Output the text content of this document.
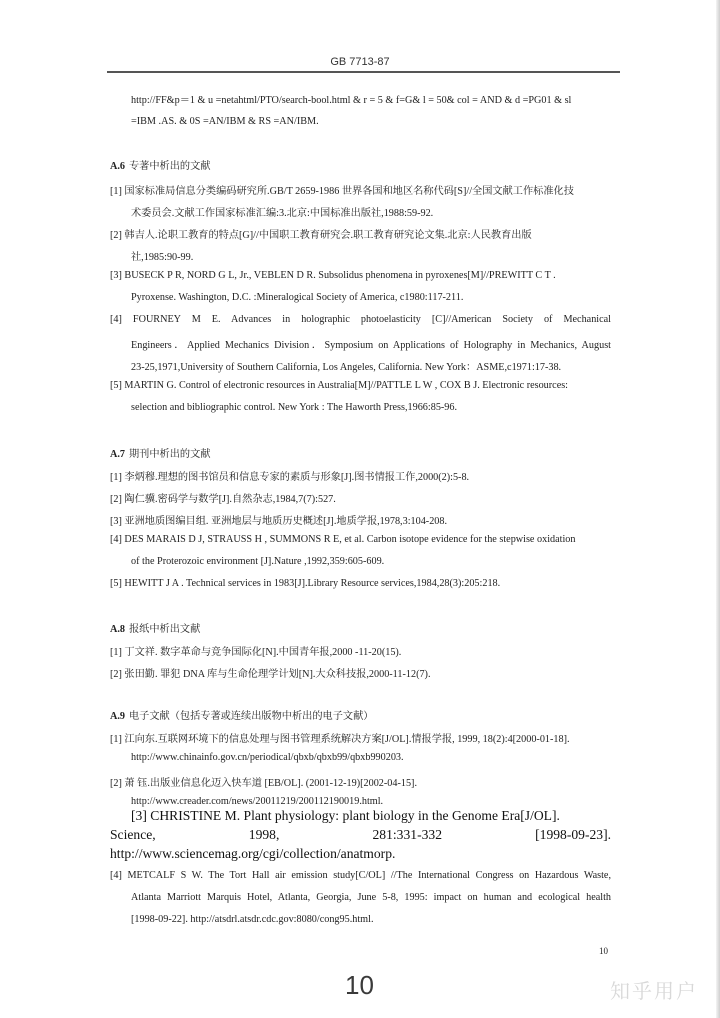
GB 7713-87
http://FF&p＝1 & u =netahtml/PTO/search-bool.html & r = 5 & f=G& l = 50& col = AND & d =PG01 & sl
=IBM .AS. & 0S =AN/IBM & RS =AN/IBM.
A.6 专著中析出的文献
[1] 国家标准局信息分类编码研究所.GB/T 2659-1986 世界各国和地区名称代码[S]//全国文献工作标准化技
术委员会.文献工作国家标准汇编:3.北京:中国标准出版社,1988:59-92.
[2] 韩吉人.论职工教育的特点[G]//中国职工教育研究会.职工教育研究论文集.北京:人民教育出版
社,1985:90-99.
[3] BUSECK P R, NORD G L, Jr., VEBLEN D R. Subsolidus phenomena in pyroxenes[M]//PREWITT C T .
Pyroxense. Washington, D.C. :Mineralogical Society of America, c1980:117-211.
[4] FOURNEY M E. Advances in holographic photoelasticity [C]//American Society of Mechanical
Engineers．Applied Mechanics Division．Symposium on Applications of Holography in Mechanics, August
23-25,1971,University of Southern California, Los Angeles, California. New York：ASME,c1971:17-38.
[5] MARTIN G. Control of electronic resources in Australia[M]//PATTLE L W , COX B J. Electronic resources:
selection and bibliographic control. New York : The Haworth Press,1966:85-96.
A.7 期刊中析出的文献
[1] 李炳穆.理想的图书馆员和信息专家的素质与形象[J].图书情报工作,2000(2):5-8.
[2] 陶仁骥.密码学与数学[J].自然杂志,1984,7(7):527.
[3] 亚洲地质图编目组. 亚洲地层与地质历史概述[J].地质学报,1978,3:104-208.
[4] DES MARAIS D J, STRAUSS H , SUMMONS R E, et al. Carbon isotope evidence for the stepwise oxidation
of the Proterozoic environment [J].Nature ,1992,359:605-609.
[5] HEWITT J A . Technical services in 1983[J].Library Resource services,1984,28(3):205:218.
A.8 报纸中析出文献
[1] 丁文祥. 数字革命与竞争国际化[N].中国青年报,2000 -11-20(15).
[2] 张田勤. 罪犯 DNA 库与生命伦理学计划[N].大众科技报,2000-11-12(7).
A.9 电子文献（包括专著或连续出版物中析出的电子文献）
[1] 江向东.互联网环境下的信息处理与图书管理系统解决方案[J/OL].情报学报, 1999, 18(2):4[2000-01-18].
http://www.chinainfo.gov.cn/periodical/qbxb/qbxb99/qbxb990203.
[2] 萧 钰.出版业信息化迈入快车道 [EB/OL]. (2001-12-19)[2002-04-15].
http://www.creader.com/news/20011219/200112190019.html.
[3] CHRISTINE M. Plant physiology: plant biology in the Genome Era[J/OL].
Science,                    1998,                    281:331-332                    [1998-09-23].
http://www.sciencemag.org/cgi/collection/anatmorp.
[4] METCALF S W. The Tort Hall air emission study[C/OL] //The International Congress on Hazardous Waste,
Atlanta Marriott Marquis Hotel, Atlanta, Georgia, June 5-8, 1995: impact on human and ecological health
[1998-09-22]. http://atsdrl.atsdr.cdc.gov:8080/cong95.html.
10
10	知乎用户
